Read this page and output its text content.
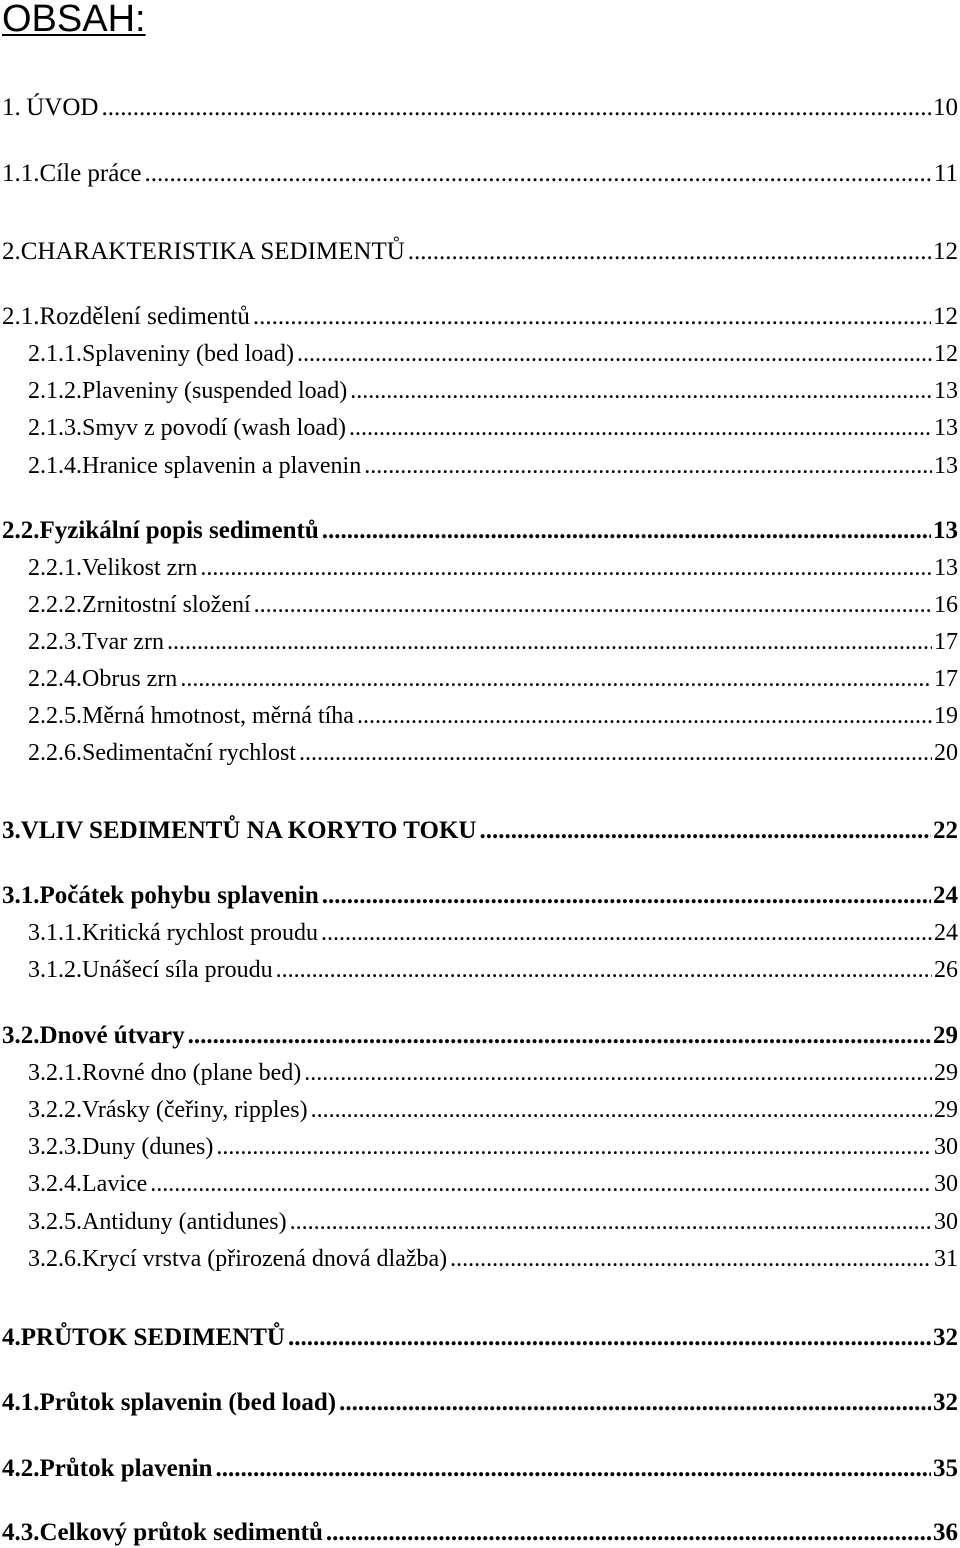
OBSAH:
1. ÚVOD .....	10
1.1. Cíle práce .....	11
2. CHARAKTERISTIKA SEDIMENTŮ .....	12
2.1. Rozdělení sedimentů .....	12
2.1.1. Splaveniny (bed load) .....	12
2.1.2. Plaveniny (suspended load) .....	13
2.1.3. Smyv z povodí (wash load) .....	13
2.1.4. Hranice splavenin a plavenin .....	13
2.2. Fyzikální popis sedimentů .....	13
2.2.1. Velikost zrn .....	13
2.2.2. Zrnitostní složení .....	16
2.2.3. Tvar zrn .....	17
2.2.4. Obrus zrn .....	17
2.2.5. Měrná hmotnost, měrná tíha .....	19
2.2.6. Sedimentační rychlost .....	20
3. VLIV SEDIMENTŮ NA KORYTO TOKU .....	22
3.1. Počátek pohybu splavenin .....	24
3.1.1. Kritická rychlost proudu .....	24
3.1.2. Unášecí síla proudu .....	26
3.2. Dnové útvary .....	29
3.2.1. Rovné dno (plane bed) .....	29
3.2.2. Vrásky (čeřiny, ripples) .....	29
3.2.3. Duny (dunes) .....	30
3.2.4. Lavice .....	30
3.2.5. Antiduny (antidunes) .....	30
3.2.6. Krycí vrstva (přirozená dnová dlažba) .....	31
4. PRŮTOK SEDIMENTŮ .....	32
4.1. Průtok splavenin (bed load) .....	32
4.2. Průtok plavenin .....	35
4.3. Celkový průtok sedimentů .....	36
